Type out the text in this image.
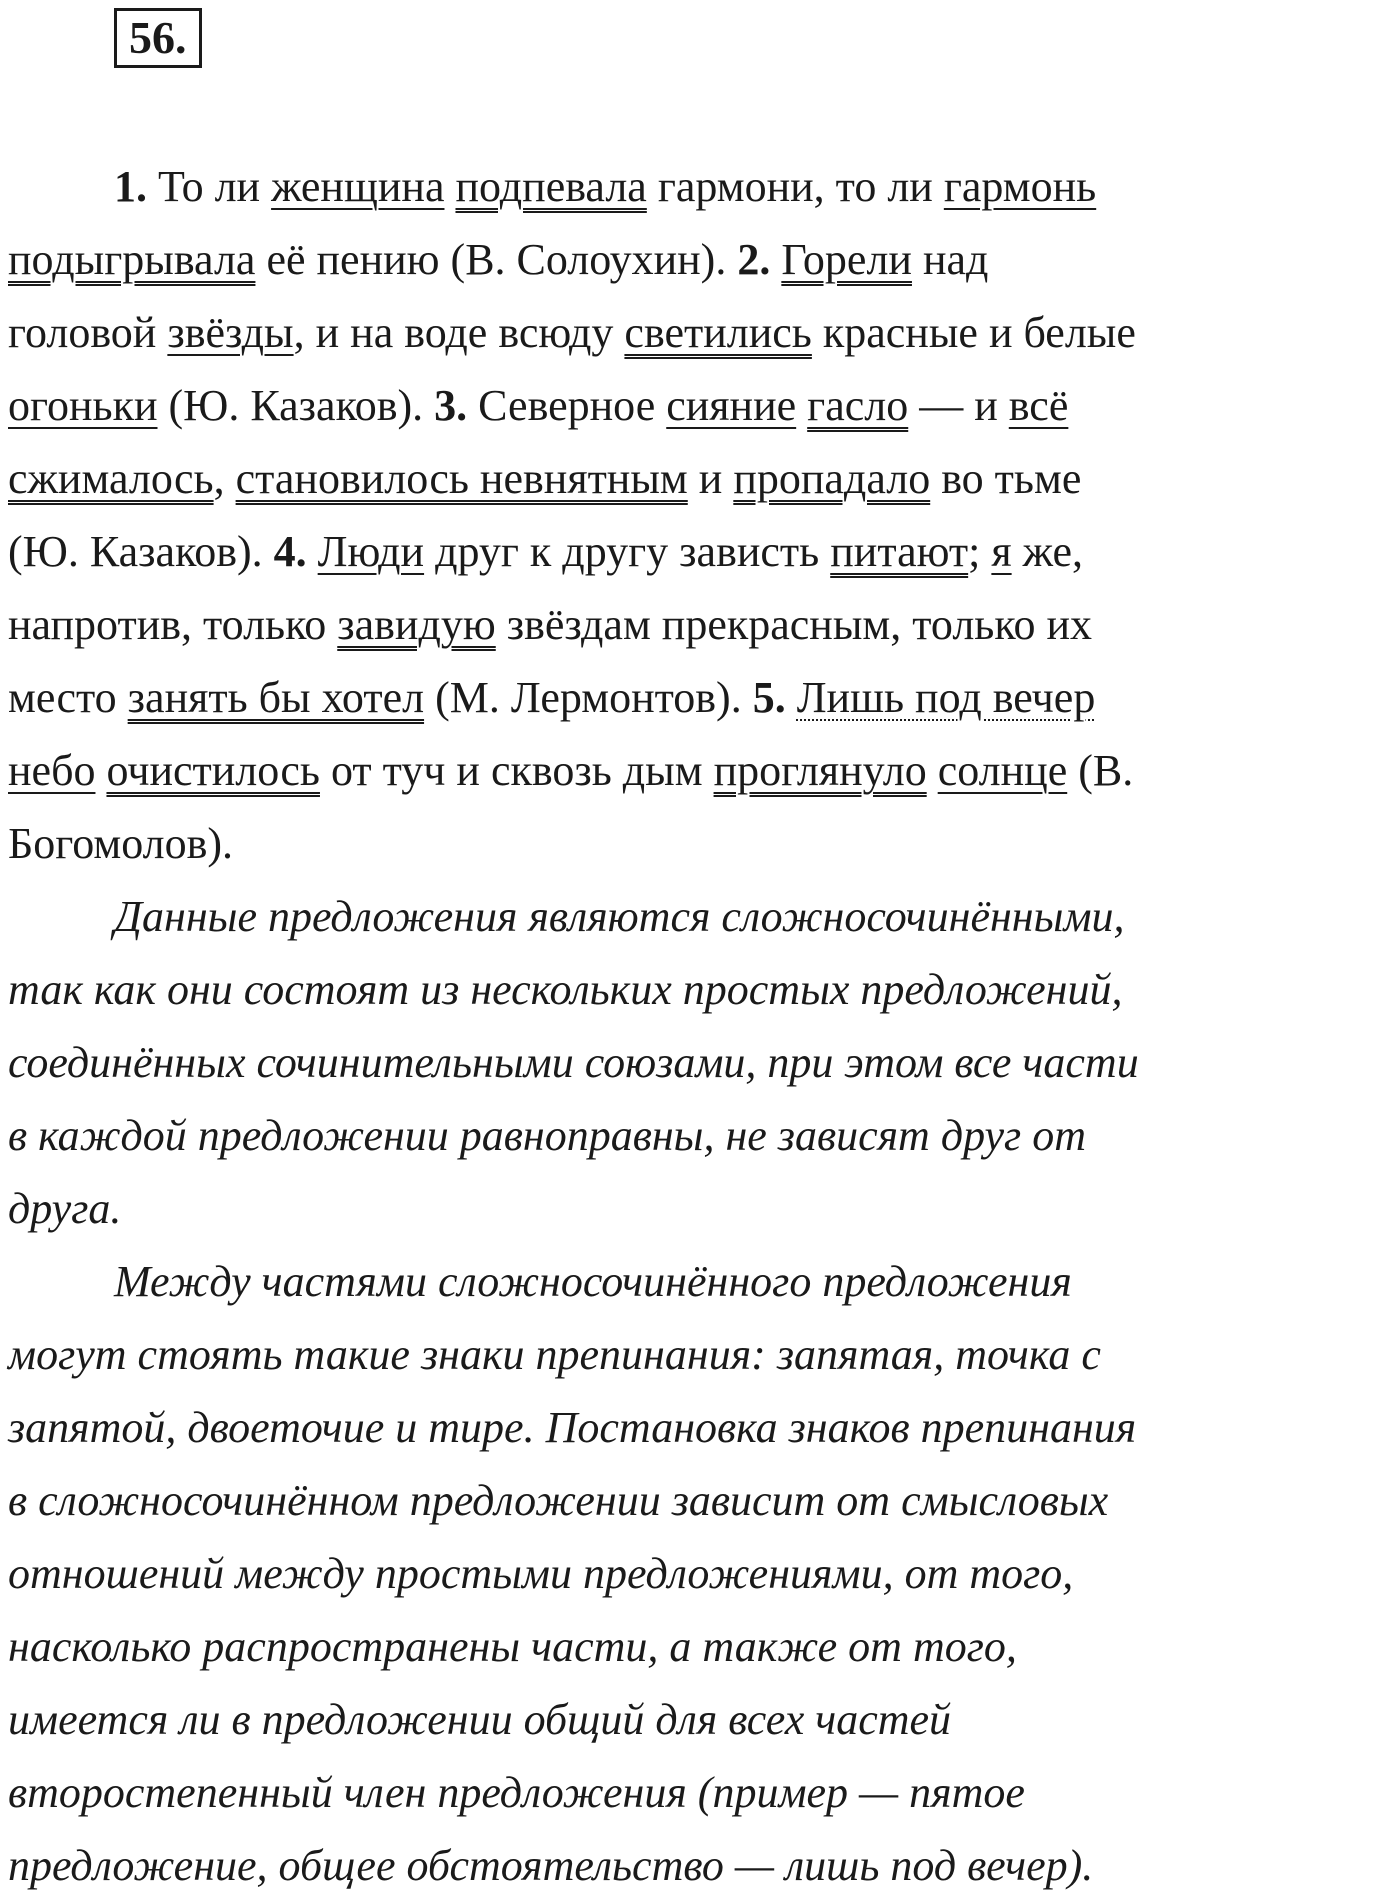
56.
1. То ли женщина подпевала гармони, то ли гармонь
подыгрывала её пению (В. Солоухин). 2. Горели над
головой звёзды, и на воде всюду светились красные и белые
огоньки (Ю. Казаков). 3. Северное сияние гасло — и всё
сжималось, становилось невнятным и пропадало во тьме
(Ю. Казаков). 4. Люди друг к другу зависть питают; я же,
напротив, только завидую звёздам прекрасным, только их
место занять бы хотел (М. Лермонтов). 5. Лишь под вечер
небо очистилось от туч и сквозь дым проглянуло солнце (В.
Богомолов).
Данные предложения являются сложносочинёнными,
так как они состоят из нескольких простых предложений,
соединённых сочинительными союзами, при этом все части
в каждой предложении равноправны, не зависят друг от
друга.
Между частями сложносочинённого предложения
могут стоять такие знаки препинания: запятая, точка с
запятой, двоеточие и тире. Постановка знаков препинания
в сложносочинённом предложении зависит от смысловых
отношений между простыми предложениями, от того,
насколько распространены части, а также от того,
имеется ли в предложении общий для всех частей
второстепенный член предложения (пример — пятое
предложение, общее обстоятельство — лишь под вечер).
